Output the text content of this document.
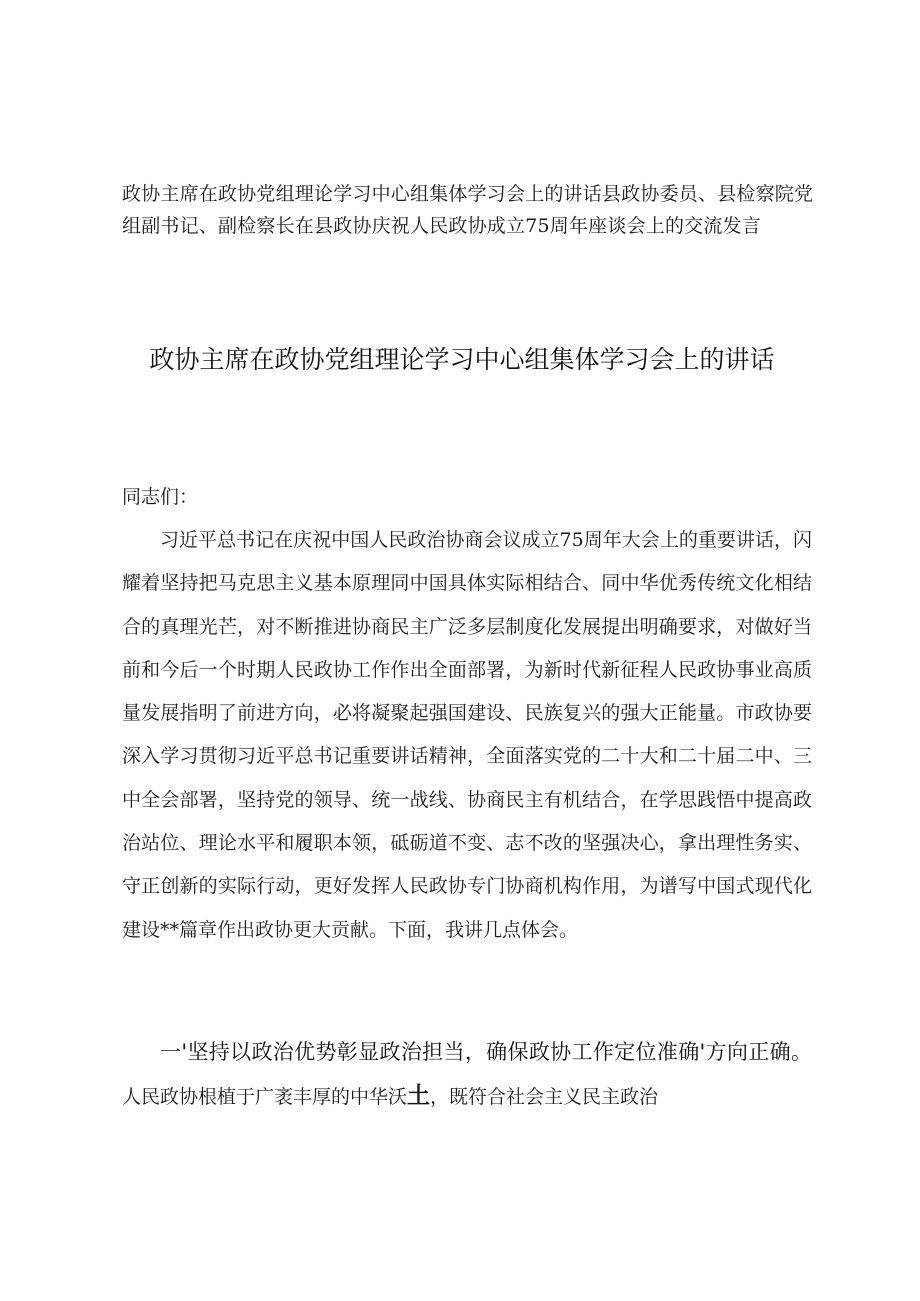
政协主席在政协党组理论学习中心组集体学习会上的讲话县政协委员、县检察院党组副书记、副检察长在县政协庆祝人民政协成立75周年座谈会上的交流发言
政协主席在政协党组理论学习中心组集体学习会上的讲话
同志们：
习近平总书记在庆祝中国人民政治协商会议成立75周年大会上的重要讲话，闪耀着坚持把马克思主义基本原理同中国具体实际相结合、同中华优秀传统文化相结合的真理光芒，对不断推进协商民主广泛多层制度化发展提出明确要求，对做好当前和今后一个时期人民政协工作作出全面部署，为新时代新征程人民政协事业高质量发展指明了前进方向，必将凝聚起强国建设、民族复兴的强大正能量。市政协要深入学习贯彻习近平总书记重要讲话精神，全面落实党的二十大和二十届二中、三中全会部署，坚持党的领导、统一战线、协商民主有机结合，在学思践悟中提高政治站位、理论水平和履职本领，砥砺道不变、志不改的坚强决心，拿出理性务实、守正创新的实际行动，更好发挥人民政协专门协商机构作用，为谱写中国式现代化建设**篇章作出政协更大贡献。下面，我讲几点体会。
一'坚持以政治优势彰显政治担当，确保政协工作定位准确'方向正确。人民政协根植于广袤丰厚的中华沃土，既符合社会主义民主政治
